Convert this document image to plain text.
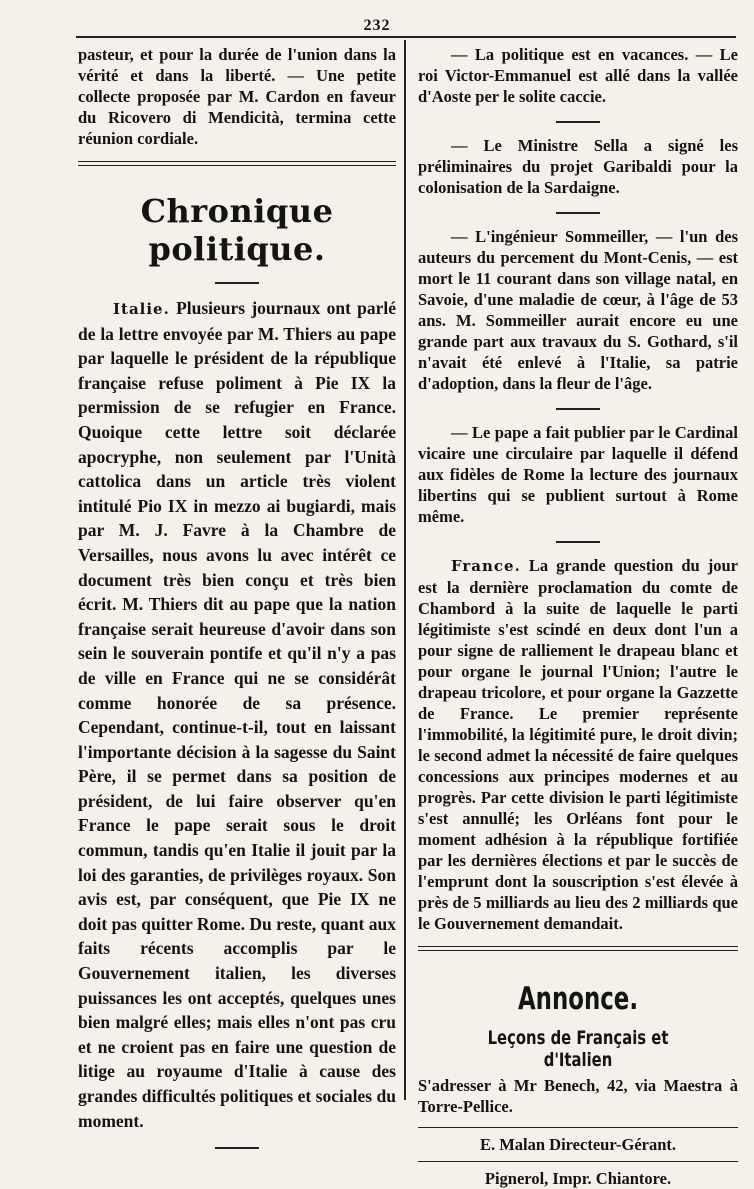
232

pasteur, et pour la durée de l'union dans la vérité et dans la liberté. — Une petite collecte proposée par M. Cardon en faveur du Ricovero di Mendicità, termina cette réunion cordiale.

Chronique politique.

Italie. Plusieurs journaux ont parlé de la lettre envoyée par M. Thiers au pape par laquelle le président de la république française refuse poliment à Pie IX la permission de se refugier en France. Quoique cette lettre soit déclarée apocryphe, non seulement par l'Unità cattolica dans un article très violent intitulé Pio IX in mezzo ai bugiardi, mais par M. J. Favre à la Chambre de Versailles, nous avons lu avec intérêt ce document très bien conçu et très bien écrit. M. Thiers dit au pape que la nation française serait heureuse d'avoir dans son sein le souverain pontife et qu'il n'y a pas de ville en France qui ne se considérât comme honorée de sa présence. Cependant, continue-t-il, tout en laissant l'importante décision à la sagesse du Saint Père, il se permet dans sa position de président, de lui faire observer qu'en France le pape serait sous le droit commun, tandis qu'en Italie il jouit par la loi des garanties, de privilèges royaux. Son avis est, par conséquent, que Pie IX ne doit pas quitter Rome. Du reste, quant aux faits récents accomplis par le Gouvernement italien, les diverses puissances les ont acceptés, quelques unes bien malgré elles; mais elles n'ont pas cru et ne croient pas en faire une question de litige au royaume d'Italie à cause des grandes difficultés politiques et sociales du moment.

— La politique est en vacances. — Le roi Victor-Emmanuel est allé dans la vallée d'Aoste per le solite caccie.

— Le Ministre Sella a signé les préliminaires du projet Garibaldi pour la colonisation de la Sardaigne.

— L'ingénieur Sommeiller, — l'un des auteurs du percement du Mont-Cenis, — est mort le 11 courant dans son village natal, en Savoie, d'une maladie de cœur, à l'âge de 53 ans. M. Sommeiller aurait encore eu une grande part aux travaux du S. Gothard, s'il n'avait été enlevé à l'Italie, sa patrie d'adoption, dans la fleur de l'âge.

— Le pape a fait publier par le Cardinal vicaire une circulaire par laquelle il défend aux fidèles de Rome la lecture des journaux libertins qui se publient surtout à Rome même.

France. La grande question du jour est la dernière proclamation du comte de Chambord à la suite de laquelle le parti légitimiste s'est scindé en deux dont l'un a pour signe de ralliement le drapeau blanc et pour organe le journal l'Union; l'autre le drapeau tricolore, et pour organe la Gazzette de France. Le premier représente l'immobilité, la légitimité pure, le droit divin; le second admet la nécessité de faire quelques concessions aux principes modernes et au progrès. Par cette division le parti légitimiste s'est annullé; les Orléans font pour le moment adhésion à la république fortifiée par les dernières élections et par le succès de l'emprunt dont la souscription s'est élevée à près de 5 milliards au lieu des 2 milliards que le Gouvernement demandait.

Annonce.
Leçons de Français et d'Italien

S'adresser à Mr Benech, 42, via Maestra à Torre-Pellice.

E. Malan Directeur-Gérant.

Pignerol, Impr. Chiantore.
